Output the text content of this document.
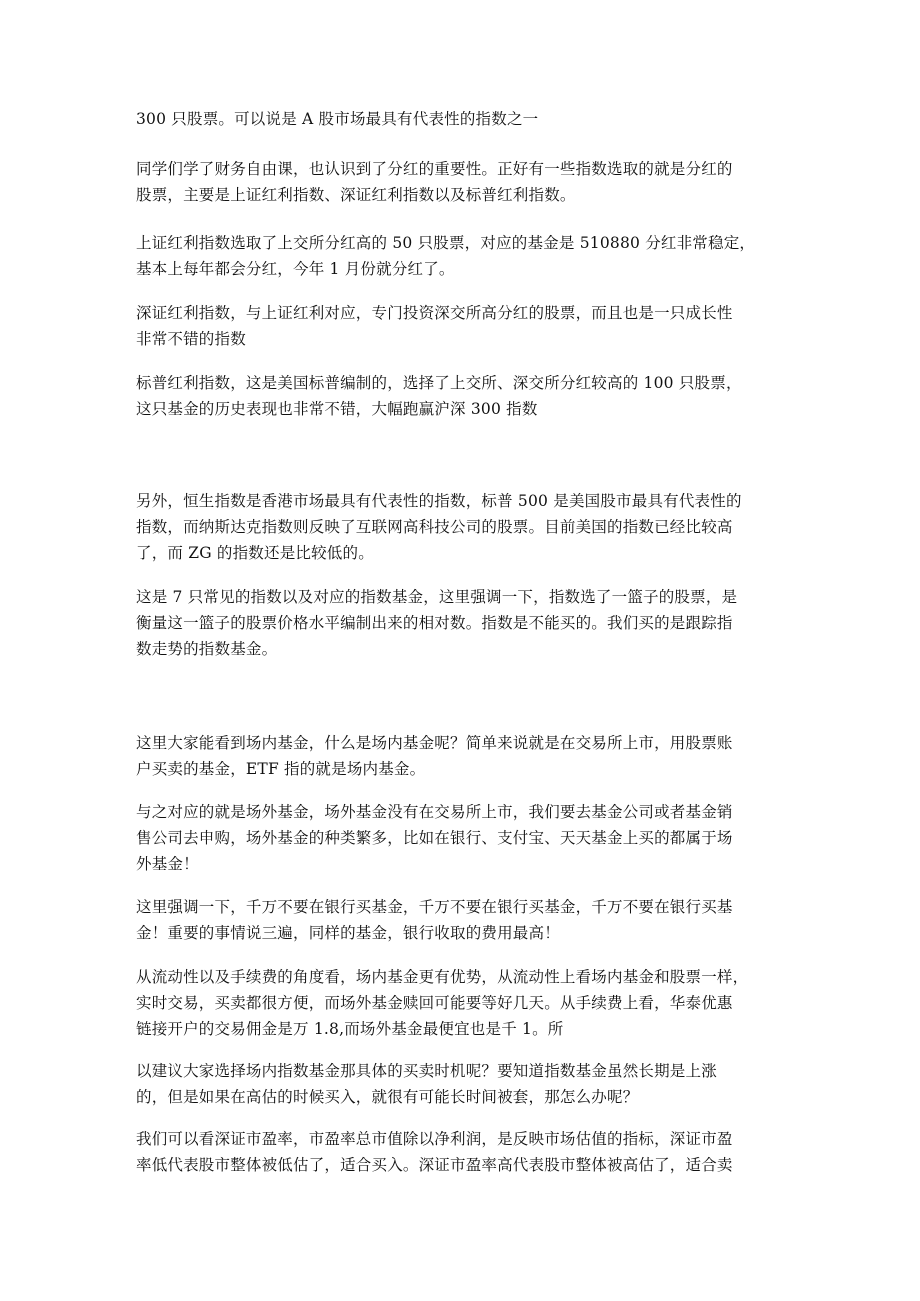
300 只股票。可以说是 A 股市场最具有代表性的指数之一

同学们学了财务自由课，也认识到了分红的重要性。正好有一些指数选取的就是分红的
股票，主要是上证红利指数、深证红利指数以及标普红利指数。

上证红利指数选取了上交所分红高的 50 只股票，对应的基金是 510880 分红非常稳定，
基本上每年都会分红，今年 1 月份就分红了。

深证红利指数，与上证红利对应，专门投资深交所高分红的股票，而且也是一只成长性
非常不错的指数

标普红利指数，这是美国标普编制的，选择了上交所、深交所分红较高的 100 只股票，
这只基金的历史表现也非常不错，大幅跑赢沪深 300 指数

另外，恒生指数是香港市场最具有代表性的指数，标普 500 是美国股市最具有代表性的
指数，而纳斯达克指数则反映了互联网高科技公司的股票。目前美国的指数已经比较高
了，而 ZG 的指数还是比较低的。

这是 7 只常见的指数以及对应的指数基金，这里强调一下，指数选了一篮子的股票，是
衡量这一篮子的股票价格水平编制出来的相对数。指数是不能买的。我们买的是跟踪指
数走势的指数基金。

这里大家能看到场内基金，什么是场内基金呢？简单来说就是在交易所上市，用股票账
户买卖的基金，ETF 指的就是场内基金。

与之对应的就是场外基金，场外基金没有在交易所上市，我们要去基金公司或者基金销
售公司去申购，场外基金的种类繁多，比如在银行、支付宝、天天基金上买的都属于场
外基金！

这里强调一下，千万不要在银行买基金，千万不要在银行买基金，千万不要在银行买基
金！重要的事情说三遍，同样的基金，银行收取的费用最高！

从流动性以及手续费的角度看，场内基金更有优势，从流动性上看场内基金和股票一样，
实时交易，买卖都很方便，而场外基金赎回可能要等好几天。从手续费上看，华泰优惠
链接开户的交易佣金是万 1.8,而场外基金最便宜也是千 1。所

以建议大家选择场内指数基金那具体的买卖时机呢？要知道指数基金虽然长期是上涨
的，但是如果在高估的时候买入，就很有可能长时间被套，那怎么办呢？

我们可以看深证市盈率，市盈率总市值除以净利润，是反映市场估值的指标，深证市盈
率低代表股市整体被低估了，适合买入。深证市盈率高代表股市整体被高估了，适合卖
